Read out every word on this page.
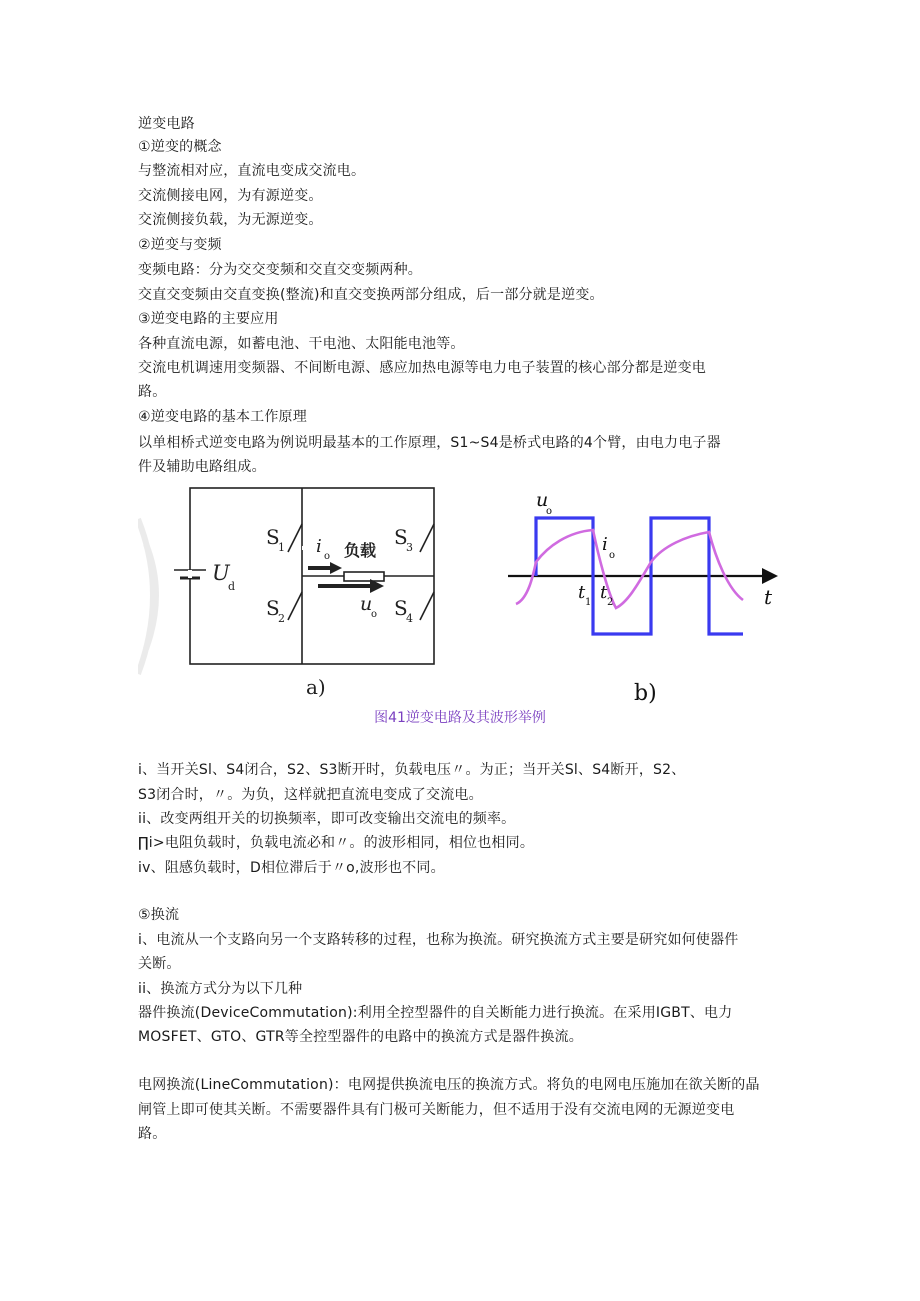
逆变电路
①逆变的概念
与整流相对应，直流电变成交流电。
交流侧接电网，为有源逆变。
交流侧接负载，为无源逆变。
②逆变与变频
变频电路：分为交交变频和交直交变频两种。
交直交变频由交直变换(整流)和直交变换两部分组成，后一部分就是逆变。
③逆变电路的主要应用
各种直流电源，如蓄电池、干电池、太阳能电池等。
交流电机调速用变频器、不间断电源、感应加热电源等电力电子装置的核心部分都是逆变电
路。
④逆变电路的基本工作原理
以单相桥式逆变电路为例说明最基本的工作原理，S1~S4是桥式电路的4个臂，由电力电子器
件及辅助电路组成。
S
1
S
2
S
3
S
4
U
d
i o 负载
u
o
a)
u
o
i
o
t 1 t 2	t
b)
图41逆变电路及其波形举例
i、当开关Sl、S4闭合，S2、S3断开时，负载电压〃。为正；当开关Sl、S4断开，S2、
S3闭合时，〃。为负，这样就把直流电变成了交流电。
ii、改变两组开关的切换频率，即可改变输出交流电的频率。
∏i>电阻负载时，负载电流必和〃。的波形相同，相位也相同。
iv、阻感负载时，D相位滞后于〃o,波形也不同。
⑤换流
i、电流从一个支路向另一个支路转移的过程，也称为换流。研究换流方式主要是研究如何使器件
关断。
ii、换流方式分为以下几种
器件换流(DeviceCommutation):利用全控型器件的自关断能力进行换流。在采用IGBT、电力
MOSFET、GTO、GTR等全控型器件的电路中的换流方式是器件换流。
电网换流(LineCommutation)：电网提供换流电压的换流方式。将负的电网电压施加在欲关断的晶
闸管上即可使其关断。不需要器件具有门极可关断能力，但不适用于没有交流电网的无源逆变电
路。
